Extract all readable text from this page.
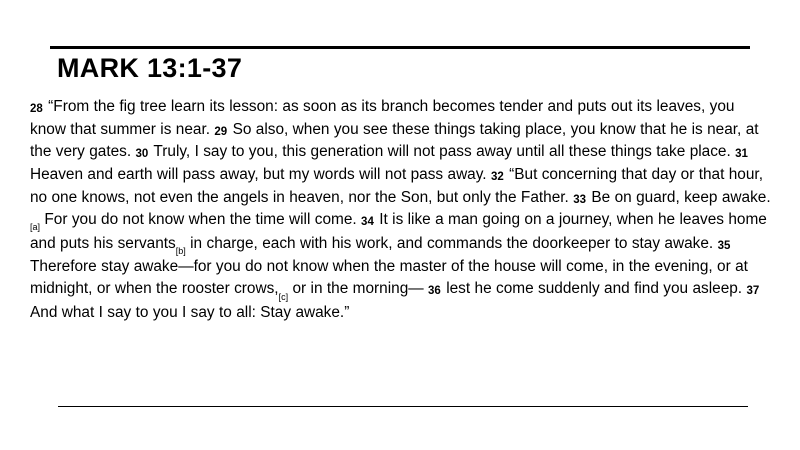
MARK 13:1-37
28 “From the fig tree learn its lesson: as soon as its branch becomes tender and puts out its leaves, you know that summer is near. 29 So also, when you see these things taking place, you know that he is near, at the very gates. 30 Truly, I say to you, this generation will not pass away until all these things take place. 31 Heaven and earth will pass away, but my words will not pass away. 32 “But concerning that day or that hour, no one knows, not even the angels in heaven, nor the Son, but only the Father. 33 Be on guard, keep $awake._{[a]}$ For you do not know when the time will come. 34 It is like a man going on a journey, when he leaves home and puts his servants$_{[b]}$ in charge, each with his work, and commands the doorkeeper to stay awake. 35 Therefore stay awake—for you do not know when the master of the house will come, in the evening, or at midnight, or when the rooster $crows,_{[c]}$ or in the morning— 36 lest he come suddenly and find you asleep. 37 And what I say to you I say to all: Stay awake.”
